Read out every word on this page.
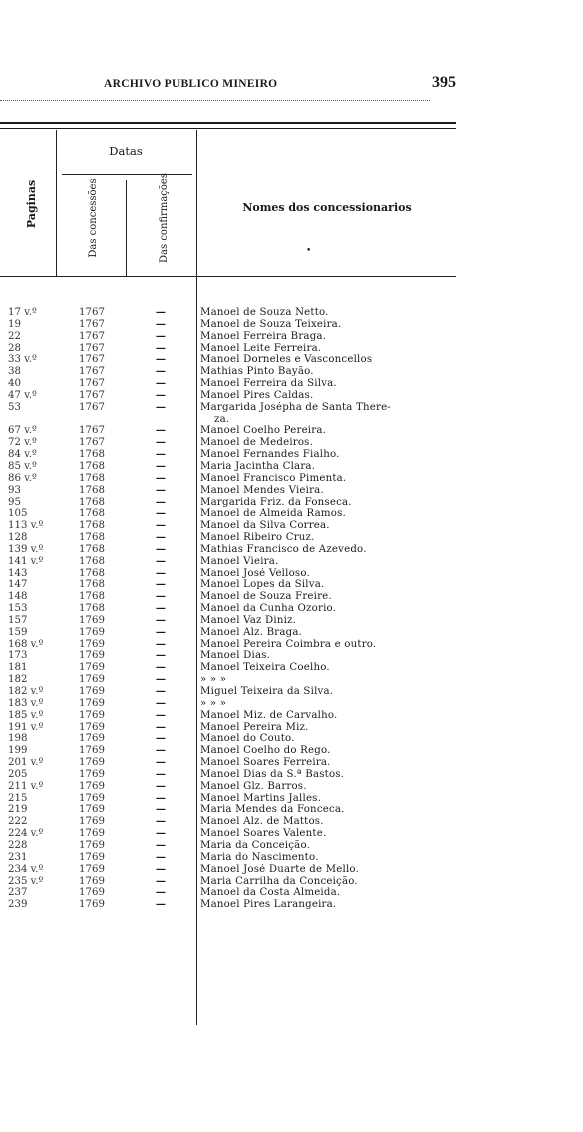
ARCHIVO PUBLICO MINEIRO	395
Datas
Paginas	Das concessões	Das confirmações	Nomes dos concessionarios
•
17 v.º	1767	—	Manoel de Souza Netto.
19	1767	—	Manoel de Souza Teixeira.
22	1767	—	Manoel Ferreira Braga.
28	1767	—	Manoel Leite Ferreira.
33 v.º	1767	—	Manoel Dorneles e Vasconcellos
38	1767	—	Mathias Pinto Bayão.
40	1767	—	Manoel Ferreira da Silva.
47 v.º	1767	—	Manoel Pires Caldas.
53	1767	—	Margarida Josépha de Santa There-
za.
67 v.º	1767	—	Manoel Coelho Pereira.
72 v.º	1767	—	Manoel de Medeiros.
84 v.º	1768	—	Manoel Fernandes Fialho.
85 v.º	1768	—	Maria Jacintha Clara.
86 v.º	1768	—	Manoel Francisco Pimenta.
93	1768	—	Manoel Mendes Vieira.
95	1768	—	Margarida Friz. da Fonseca.
105	1768	—	Manoel de Almeida Ramos.
113 v.º	1768	—	Manoel da Silva Correa.
128	1768	—	Manoel Ribeiro Cruz.
139 v.º	1768	—	Mathias Francisco de Azevedo.
141 v.º	1768	—	Manoel Vieira.
143	1768	—	Manoel José Velloso.
147	1768	—	Manoel Lopes da Silva.
148	1768	—	Manoel de Souza Freire.
153	1768	—	Manoel da Cunha Ozorio.
157	1769	—	Manoel Vaz Diniz.
159	1769	—	Manoel Alz. Braga.
168 v.º	1769	—	Manoel Pereira Coimbra e outro.
173	1769	—	Manoel Dias.
181	1769	—	Manoel Teixeira Coelho.
182	1769	—	» » »
182 v.º	1769	—	Miguel Teixeira da Silva.
183 v.º	1769	—	» » »
185 v.º	1769	—	Manoel Miz. de Carvalho.
191 v.º	1769	—	Manoel Pereira Miz.
198	1769	—	Manoel do Couto.
199	1769	—	Manoel Coelho do Rego.
201 v.º	1769	—	Manoel Soares Ferreira.
205	1769	—	Manoel Dias da S.ª Bastos.
211 v.º	1769	—	Manoel Glz. Barros.
215	1769	—	Manoel Martins Jalles.
219	1769	—	Maria Mendes da Fonceca.
222	1769	—	Manoel Alz. de Mattos.
224 v.º	1769	—	Manoel Soares Valente.
228	1769	—	Maria da Conceição.
231	1769	—	Maria do Nascimento.
234 v.º	1769	—	Manoel José Duarte de Mello.
235 v.º	1769	—	Maria Carrilha da Conceição.
237	1769	—	Manoel da Costa Almeida.
239	1769	—	Manoel Pires Larangeira.
